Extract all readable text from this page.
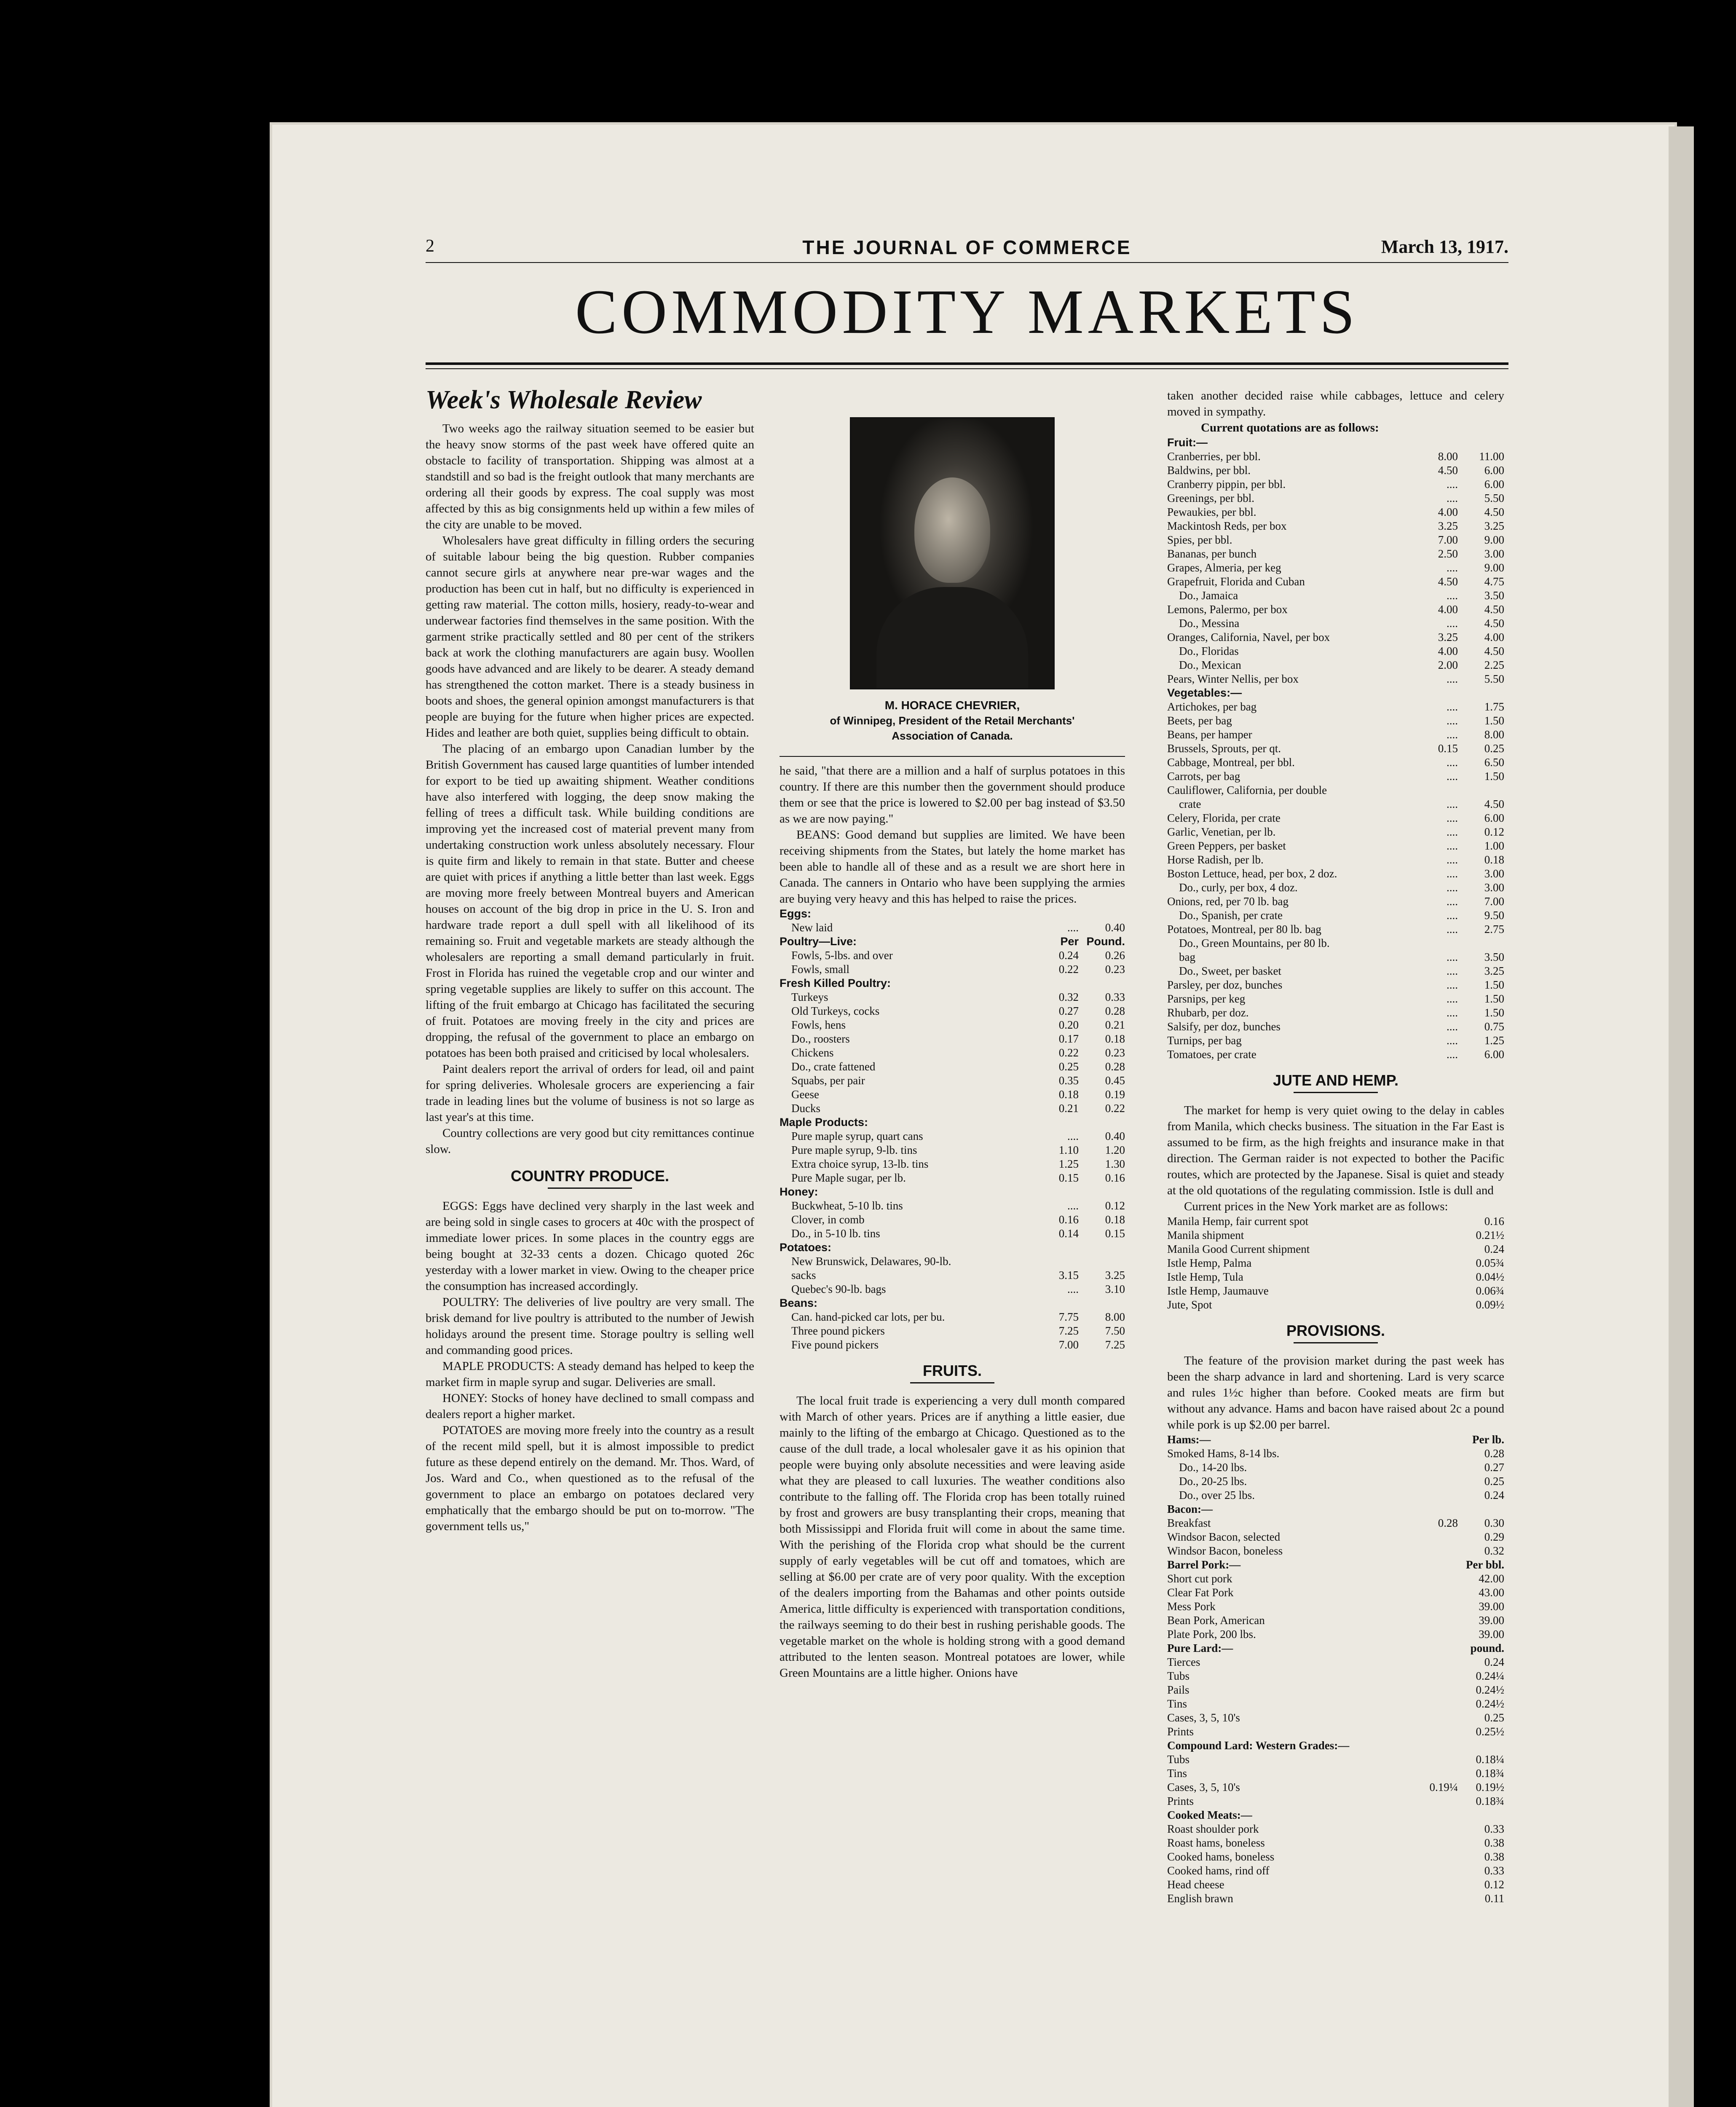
2	THE JOURNAL OF COMMERCE	March 13, 1917.
COMMODITY MARKETS
Week's Wholesale Review

Two weeks ago the railway situation seemed to be easier but the heavy snow storms of the past week have offered quite an obstacle to facility of transportation. Shipping was almost at a standstill and so bad is the freight outlook that many merchants are ordering all their goods by express. The coal supply was most affected by this as big consignments held up within a few miles of the city are unable to be moved.

Wholesalers have great difficulty in filling orders the securing of suitable labour being the big question. Rubber companies cannot secure girls at anywhere near pre-war wages and the production has been cut in half, but no difficulty is experienced in getting raw material. The cotton mills, hosiery, ready-to-wear and underwear factories find themselves in the same position. With the garment strike practically settled and 80 per cent of the strikers back at work the clothing manufacturers are again busy. Woollen goods have advanced and are likely to be dearer. A steady demand has strengthened the cotton market. There is a steady business in boots and shoes, the general opinion amongst manufacturers is that people are buying for the future when higher prices are expected. Hides and leather are both quiet, supplies being difficult to obtain.

The placing of an embargo upon Canadian lumber by the British Government has caused large quantities of lumber intended for export to be tied up awaiting shipment. Weather conditions have also interfered with logging, the deep snow making the felling of trees a difficult task. While building conditions are improving yet the increased cost of material prevent many from undertaking construction work unless absolutely necessary. Flour is quite firm and likely to remain in that state. Butter and cheese are quiet with prices if anything a little better than last week. Eggs are moving more freely between Montreal buyers and American houses on account of the big drop in price in the U. S. Iron and hardware trade report a dull spell with all likelihood of its remaining so. Fruit and vegetable markets are steady although the wholesalers are reporting a small demand particularly in fruit. Frost in Florida has ruined the vegetable crop and our winter and spring vegetable supplies are likely to suffer on this account. The lifting of the fruit embargo at Chicago has facilitated the securing of fruit. Potatoes are moving freely in the city and prices are dropping, the refusal of the government to place an embargo on potatoes has been both praised and criticised by local wholesalers.

Paint dealers report the arrival of orders for lead, oil and paint for spring deliveries. Wholesale grocers are experiencing a fair trade in leading lines but the volume of business is not so large as last year's at this time.

Country collections are very good but city remittances continue slow.

COUNTRY PRODUCE.

EGGS: Eggs have declined very sharply in the last week and are being sold in single cases to grocers at 40c with the prospect of immediate lower prices. In some places in the country eggs are being bought at 32-33 cents a dozen. Chicago quoted 26c yesterday with a lower market in view. Owing to the cheaper price the consumption has increased accordingly.

POULTRY: The deliveries of live poultry are very small. The brisk demand for live poultry is attributed to the number of Jewish holidays around the present time. Storage poultry is selling well and commanding good prices.

MAPLE PRODUCTS: A steady demand has helped to keep the market firm in maple syrup and sugar. Deliveries are small.

HONEY: Stocks of honey have declined to small compass and dealers report a higher market.

POTATOES are moving more freely into the country as a result of the recent mild spell, but it is almost impossible to predict future as these depend entirely on the demand. Mr. Thos. Ward, of Jos. Ward and Co., when questioned as to the refusal of the government to place an embargo on potatoes declared very emphatically that the embargo should be put on to-morrow. "The government tells us,"

M. HORACE CHEVRIER,
of Winnipeg, President of the Retail Merchants'
Association of Canada.

he said, "that there are a million and a half of surplus potatoes in this country. If there are this number then the government should produce them or see that the price is lowered to $2.00 per bag instead of $3.50 as we are now paying."

BEANS: Good demand but supplies are limited. We have been receiving shipments from the States, but lately the home market has been able to handle all of these and as a result we are short here in Canada. The canners in Ontario who have been supplying the armies are buying very heavy and this has helped to raise the prices.

Eggs:		
New laid	....	0.40
Poultry—Live:	Per	Pound.
Fowls, 5-lbs. and over	0.24	0.26
Fowls, small	0.22	0.23
Fresh Killed Poultry:		
Turkeys	0.32	0.33
Old Turkeys, cocks	0.27	0.28
Fowls, hens	0.20	0.21
Do., roosters	0.17	0.18
Chickens	0.22	0.23
Do., crate fattened	0.25	0.28
Squabs, per pair	0.35	0.45
Geese	0.18	0.19
Ducks	0.21	0.22
Maple Products:		
Pure maple syrup, quart cans	....	0.40
Pure maple syrup, 9-lb. tins	1.10	1.20
Extra choice syrup, 13-lb. tins	1.25	1.30
Pure Maple sugar, per lb.	0.15	0.16
Honey:		
Buckwheat, 5-10 lb. tins	....	0.12
Clover, in comb	0.16	0.18
Do., in 5-10 lb. tins	0.14	0.15
Potatoes:		
New Brunswick, Delawares, 90-lb.		
sacks	3.15	3.25
Quebec's 90-lb. bags	....	3.10
Beans:		
Can. hand-picked car lots, per bu.	7.75	8.00
Three pound pickers	7.25	7.50
Five pound pickers	7.00	7.25
FRUITS.

The local fruit trade is experiencing a very dull month compared with March of other years. Prices are if anything a little easier, due mainly to the lifting of the embargo at Chicago. Questioned as to the cause of the dull trade, a local wholesaler gave it as his opinion that people were buying only absolute necessities and were leaving aside what they are pleased to call luxuries. The weather conditions also contribute to the falling off. The Florida crop has been totally ruined by frost and growers are busy transplanting their crops, meaning that both Mississippi and Florida fruit will come in about the same time. With the perishing of the Florida crop what should be the current supply of early vegetables will be cut off and tomatoes, which are selling at $6.00 per crate are of very poor quality. With the exception of the dealers importing from the Bahamas and other points outside America, little difficulty is experienced with transportation conditions, the railways seeming to do their best in rushing perishable goods. The vegetable market on the whole is holding strong with a good demand attributed to the lenten season. Montreal potatoes are lower, while Green Mountains are a little higher. Onions have

taken another decided raise while cabbages, lettuce and celery moved in sympathy.

Current quotations are as follows:

Fruit:—		
Cranberries, per bbl.	8.00	11.00
Baldwins, per bbl.	4.50	6.00
Cranberry pippin, per bbl.	....	6.00
Greenings, per bbl.	....	5.50
Pewaukies, per bbl.	4.00	4.50
Mackintosh Reds, per box	3.25	3.25
Spies, per bbl.	7.00	9.00
Bananas, per bunch	2.50	3.00
Grapes, Almeria, per keg	....	9.00
Grapefruit, Florida and Cuban	4.50	4.75
Do., Jamaica	....	3.50
Lemons, Palermo, per box	4.00	4.50
Do., Messina	....	4.50
Oranges, California, Navel, per box	3.25	4.00
Do., Floridas	4.00	4.50
Do., Mexican	2.00	2.25
Pears, Winter Nellis, per box	....	5.50
Vegetables:—		
Artichokes, per bag	....	1.75
Beets, per bag	....	1.50
Beans, per hamper	....	8.00
Brussels, Sprouts, per qt.	0.15	0.25
Cabbage, Montreal, per bbl.	....	6.50
Carrots, per bag	....	1.50
Cauliflower, California, per double		
crate	....	4.50
Celery, Florida, per crate	....	6.00
Garlic, Venetian, per lb.	....	0.12
Green Peppers, per basket	....	1.00
Horse Radish, per lb.	....	0.18
Boston Lettuce, head, per box, 2 doz.	....	3.00
Do., curly, per box, 4 doz.	....	3.00
Onions, red, per 70 lb. bag	....	7.00
Do., Spanish, per crate	....	9.50
Potatoes, Montreal, per 80 lb. bag	....	2.75
Do., Green Mountains, per 80 lb.		
bag	....	3.50
Do., Sweet, per basket	....	3.25
Parsley, per doz, bunches	....	1.50
Parsnips, per keg	....	1.50
Rhubarb, per doz.	....	1.50
Salsify, per doz, bunches	....	0.75
Turnips, per bag	....	1.25
Tomatoes, per crate	....	6.00
JUTE AND HEMP.

The market for hemp is very quiet owing to the delay in cables from Manila, which checks business. The situation in the Far East is assumed to be firm, as the high freights and insurance make in that direction. The German raider is not expected to bother the Pacific routes, which are protected by the Japanese. Sisal is quiet and steady at the old quotations of the regulating commission. Istle is dull and

Current prices in the New York market are as follows:

Manila Hemp, fair current spot		0.16
Manila shipment		0.21½
Manila Good Current shipment		0.24
Istle Hemp, Palma		0.05¾
Istle Hemp, Tula		0.04½
Istle Hemp, Jaumauve		0.06¾
Jute, Spot		0.09½
PROVISIONS.

The feature of the provision market during the past week has been the sharp advance in lard and shortening. Lard is very scarce and rules 1½c higher than before. Cooked meats are firm but without any advance. Hams and bacon have raised about 2c a pound while pork is up $2.00 per barrel.

Hams:—		Per lb.
Smoked Hams, 8-14 lbs.		0.28
Do., 14-20 lbs.		0.27
Do., 20-25 lbs.		0.25
Do., over 25 lbs.		0.24
Bacon:—		
Breakfast	0.28	0.30
Windsor Bacon, selected		0.29
Windsor Bacon, boneless		0.32
Barrel Pork:—		Per bbl.
Short cut pork		42.00
Clear Fat Pork		43.00
Mess Pork		39.00
Bean Pork, American		39.00
Plate Pork, 200 lbs.		39.00
Pure Lard:—		pound.
Tierces		0.24
Tubs		0.24¼
Pails		0.24½
Tins		0.24½
Cases, 3, 5, 10's		0.25
Prints		0.25½
Compound Lard: Western Grades:—		
Tubs		0.18¼
Tins		0.18¾
Cases, 3, 5, 10's	0.19¼	0.19½
Prints		0.18¾
Cooked Meats:—		
Roast shoulder pork		0.33
Roast hams, boneless		0.38
Cooked hams, boneless		0.38
Cooked hams, rind off		0.33
Head cheese		0.12
English brawn		0.11
